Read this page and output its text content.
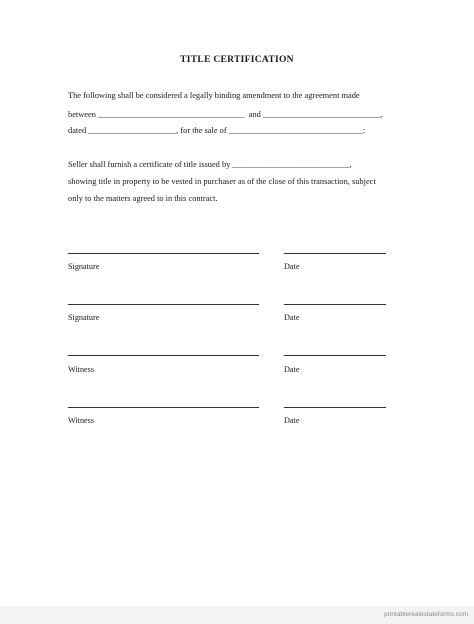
TITLE CERTIFICATION
The following shall be considered a legally binding amendment to the agreement made
between ___________________________________  and ____________________________,
dated _____________________, for the sale of ________________________________:
Seller shall furnish a certificate of title issued by ____________________________,
showing title in property to be vested in purchaser as of the close of this transaction, subject
only to the matters agreed to in this contract.
Signature	Date
Signature	Date
Witness	Date
Witness	Date
printablerealestateforms.com
